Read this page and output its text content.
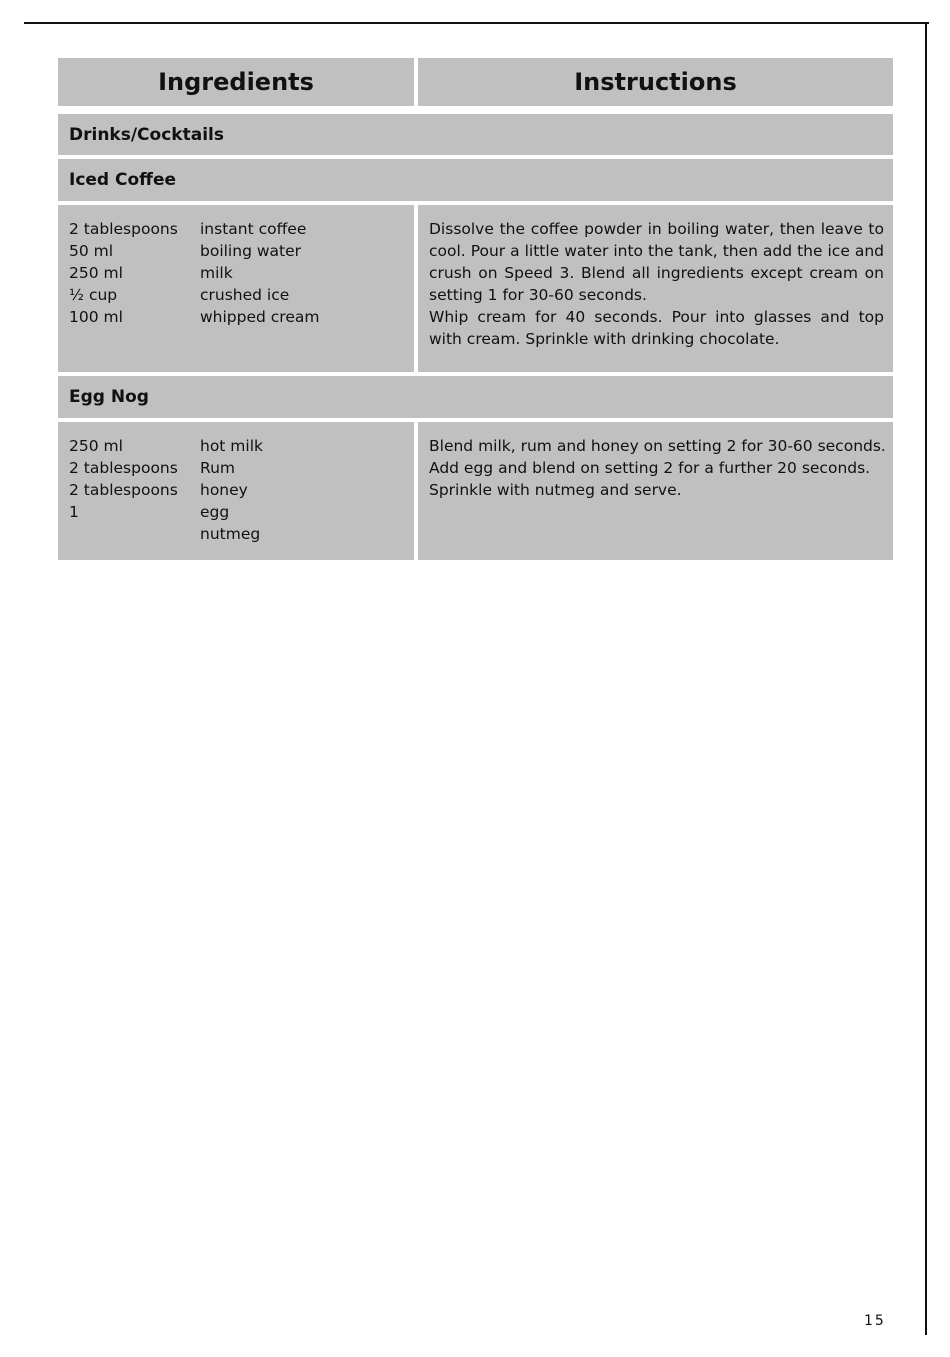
Ingredients	Instructions
Drinks/Cocktails
Iced Coffee
2 tablespoons	instant coffee
50 ml	boiling water
250 ml	milk
½ cup	crushed ice
100 ml	whipped cream

Dissolve the coffee powder in boiling water, then leave to cool. Pour a little water into the tank, then add the ice and crush on Speed 3. Blend all ingredients except cream on setting 1 for 30-60 seconds.

Whip cream for 40 seconds. Pour into glasses and top with cream. Sprinkle with drinking chocolate.

Egg Nog
250 ml	hot milk
2 tablespoons	Rum
2 tablespoons	honey
1	egg
nutmeg

Blend milk, rum and honey on setting 2 for 30-60 seconds.

Add egg and blend on setting 2 for a further 20 seconds.

Sprinkle with nutmeg and serve.

15
